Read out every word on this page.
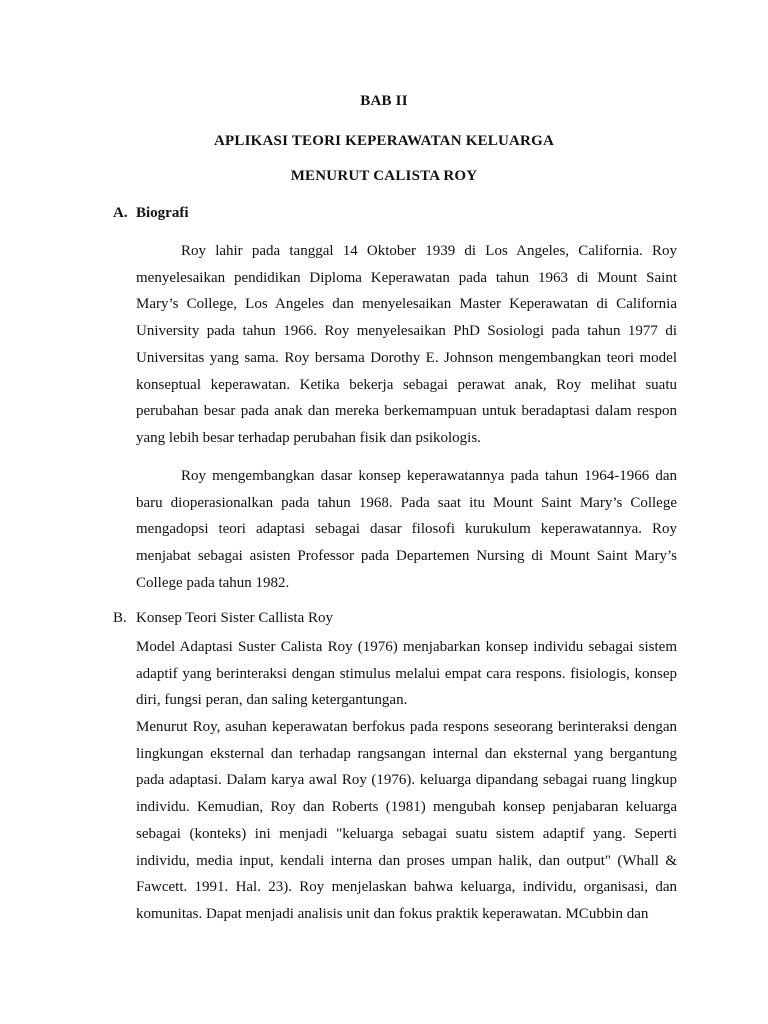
BAB II
APLIKASI TEORI KEPERAWATAN KELUARGA
MENURUT CALISTA ROY
A. Biografi

Roy lahir pada tanggal 14 Oktober 1939 di Los Angeles, California. Roy menyelesaikan pendidikan Diploma Keperawatan pada tahun 1963 di Mount Saint Mary’s College, Los Angeles dan menyelesaikan Master Keperawatan di California University pada tahun 1966. Roy menyelesaikan PhD Sosiologi pada tahun 1977 di Universitas yang sama. Roy bersama Dorothy E. Johnson mengembangkan teori model konseptual keperawatan. Ketika bekerja sebagai perawat anak, Roy melihat suatu perubahan besar pada anak dan mereka berkemampuan untuk beradaptasi dalam respon yang lebih besar terhadap perubahan fisik dan psikologis.

Roy mengembangkan dasar konsep keperawatannya pada tahun 1964-1966 dan baru dioperasionalkan pada tahun 1968. Pada saat itu Mount Saint Mary’s College mengadopsi teori adaptasi sebagai dasar filosofi kurukulum keperawatannya. Roy menjabat sebagai asisten Professor pada Departemen Nursing di Mount Saint Mary’s College pada tahun 1982.

B. Konsep Teori Sister Callista Roy

Model Adaptasi Suster Calista Roy (1976) menjabarkan konsep individu sebagai sistem adaptif yang berinteraksi dengan stimulus melalui empat cara respons. fisiologis, konsep diri, fungsi peran, dan saling ketergantungan.

Menurut Roy, asuhan keperawatan berfokus pada respons seseorang berinteraksi dengan lingkungan eksternal dan terhadap rangsangan internal dan eksternal yang bergantung pada adaptasi. Dalam karya awal Roy (1976). keluarga dipandang sebagai ruang lingkup individu. Kemudian, Roy dan Roberts (1981) mengubah konsep penjabaran keluarga sebagai (konteks) ini menjadi "keluarga sebagai suatu sistem adaptif yang. Seperti individu, media input, kendali interna dan proses umpan halik, dan output" (Whall & Fawcett. 1991. Hal. 23). Roy menjelaskan bahwa keluarga, individu, organisasi, dan komunitas. Dapat menjadi analisis unit dan fokus praktik keperawatan. MCubbin dan
